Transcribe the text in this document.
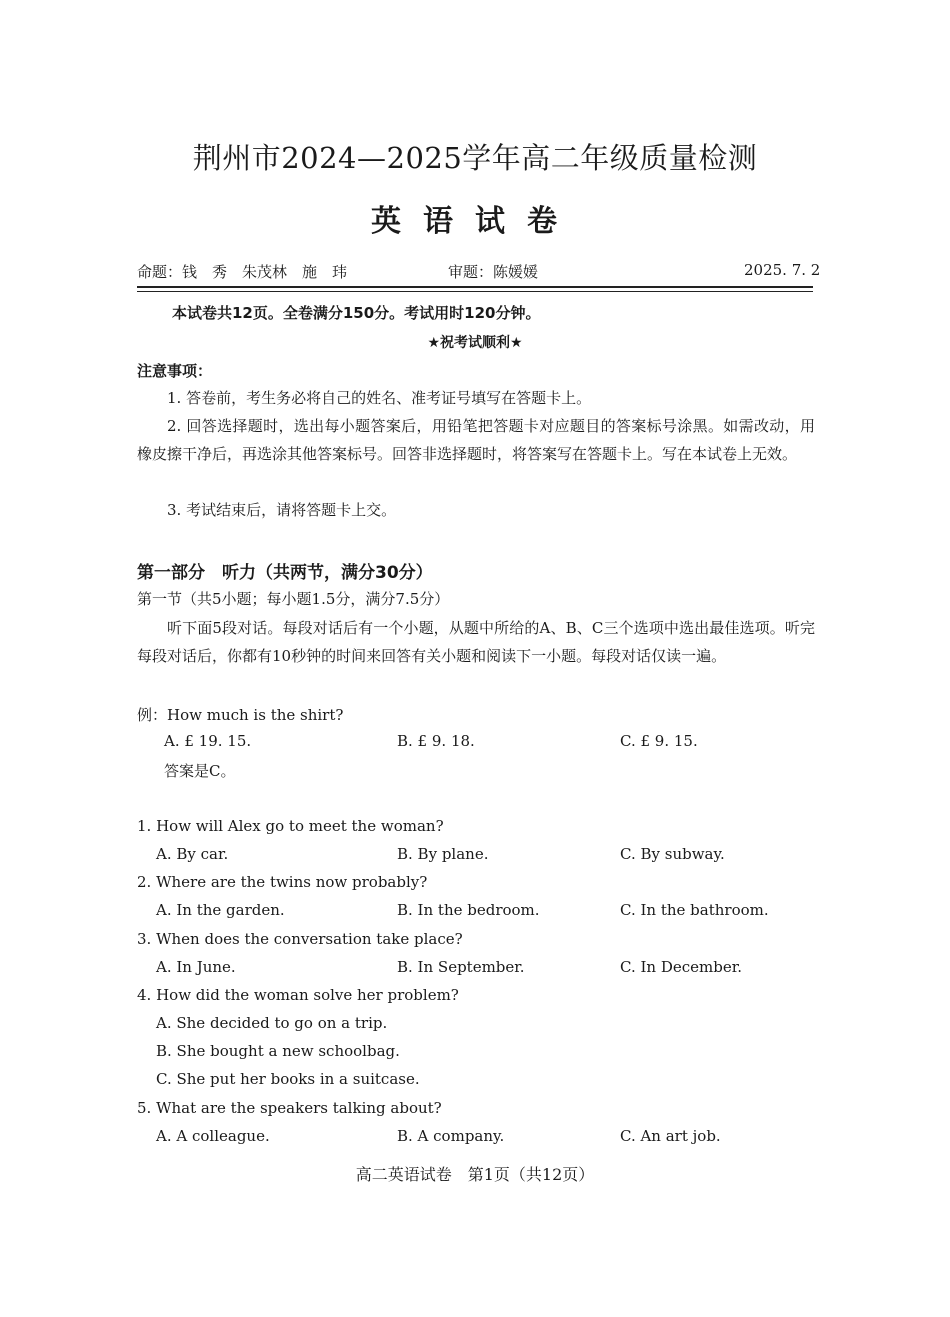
荆州市2024—2025学年高二年级质量检测
英语试卷
命题：钱　秀　朱茂林　施　玮	审题：陈媛媛	2025. 7. 2
本试卷共12页。全卷满分150分。考试用时120分钟。
★祝考试顺利★
注意事项：
1. 答卷前，考生务必将自己的姓名、准考证号填写在答题卡上。
2. 回答选择题时，选出每小题答案后，用铅笔把答题卡对应题目的答案标号涂黑。如需改动，用橡皮擦干净后，再选涂其他答案标号。回答非选择题时，将答案写在答题卡上。写在本试卷上无效。
3. 考试结束后，请将答题卡上交。
第一部分　听力（共两节，满分30分）
第一节（共5小题；每小题1.5分，满分7.5分）
听下面5段对话。每段对话后有一个小题，从题中所给的A、B、C三个选项中选出最佳选项。听完每段对话后，你都有10秒钟的时间来回答有关小题和阅读下一小题。每段对话仅读一遍。
例：How much is the shirt?
A. £ 19. 15.	B. £ 9. 18.	C. £ 9. 15.
答案是C。
1. How will Alex go to meet the woman?
A. By car.	B. By plane.	C. By subway.
2. Where are the twins now probably?
A. In the garden.	B. In the bedroom.	C. In the bathroom.
3. When does the conversation take place?
A. In June.	B. In September.	C. In December.
4. How did the woman solve her problem?
A. She decided to go on a trip.
B. She bought a new schoolbag.
C. She put her books in a suitcase.
5. What are the speakers talking about?
A. A colleague.	B. A company.	C. An art job.
高二英语试卷　第1页（共12页）
